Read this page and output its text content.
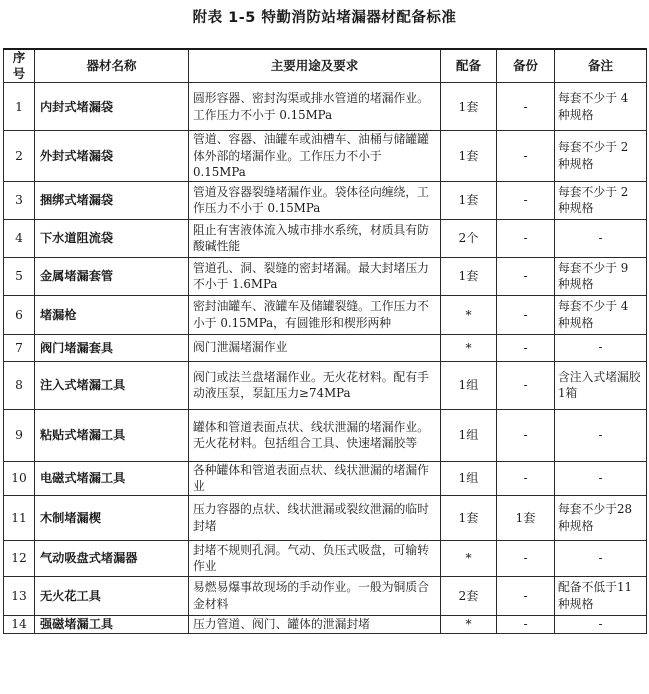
附表 1-5 特勤消防站堵漏器材配备标准
序号	器材名称	主要用途及要求	配备	备份	备注
1	内封式堵漏袋	圆形容器、密封沟渠或排水管道的堵漏作业。工作压力不小于 0.15MPa	1套	-	每套不少于 4 种规格
2	外封式堵漏袋	管道、容器、油罐车或油槽车、油桶与储罐罐体外部的堵漏作业。工作压力不小于 0.15MPa	1套	-	每套不少于 2 种规格
3	捆绑式堵漏袋	管道及容器裂缝堵漏作业。袋体径向缠绕，工作压力不小于 0.15MPa	1套	-	每套不少于 2 种规格
4	下水道阻流袋	阻止有害液体流入城市排水系统，材质具有防酸碱性能	2个	-	-
5	金属堵漏套管	管道孔、洞、裂缝的密封堵漏。最大封堵压力不小于 1.6MPa	1套	-	每套不少于 9 种规格
6	堵漏枪	密封油罐车、液罐车及储罐裂缝。工作压力不小于 0.15MPa，有圆锥形和楔形两种	*	-	每套不少于 4 种规格
7	阀门堵漏套具	阀门泄漏堵漏作业	*	-	-
8	注入式堵漏工具	阀门或法兰盘堵漏作业。无火花材料。配有手动液压泵，泵缸压力≥74MPa	1组	-	含注入式堵漏胶 1箱
9	粘贴式堵漏工具	罐体和管道表面点状、线状泄漏的堵漏作业。无火花材料。包括组合工具、快速堵漏胶等	1组	-	-
10	电磁式堵漏工具	各种罐体和管道表面点状、线状泄漏的堵漏作业	1组	-	-
11	木制堵漏楔	压力容器的点状、线状泄漏或裂纹泄漏的临时封堵	1套	1套	每套不少于28种规格
12	气动吸盘式堵漏器	封堵不规则孔洞。气动、负压式吸盘，可输转作业	*	-	-
13	无火花工具	易燃易爆事故现场的手动作业。一般为铜质合金材料	2套	-	配备不低于11种规格
14	强磁堵漏工具	压力管道、阀门、罐体的泄漏封堵	*	-	-
